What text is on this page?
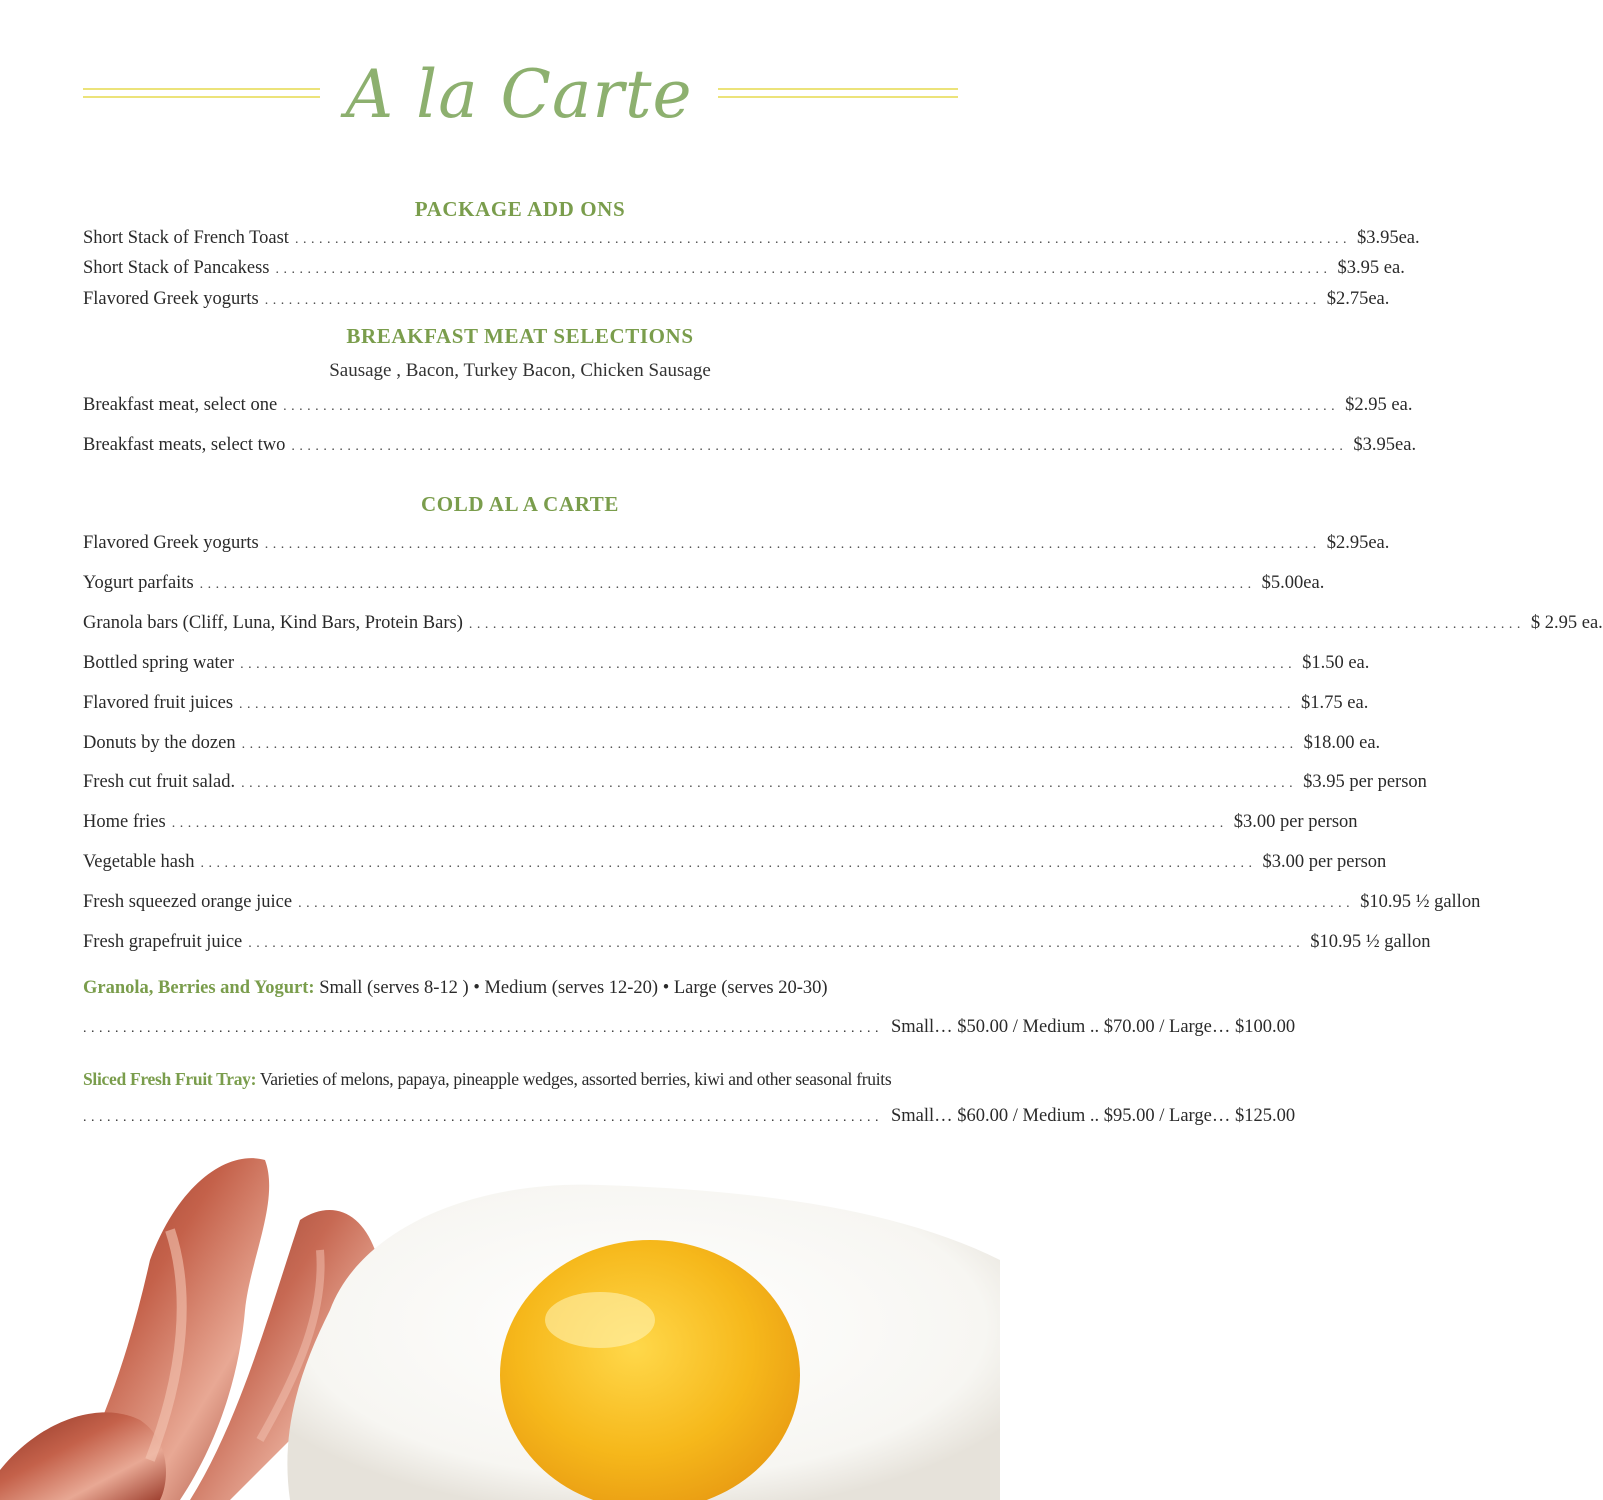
A la Carte
PACKAGE ADD ONS
Short Stack of French Toast .................................................................................................................................... $3.95ea.
Short Stack of Pancakess .................................................................................................................................... $3.95 ea.
Flavored Greek yogurts .................................................................................................................................... $2.75ea.
BREAKFAST MEAT SELECTIONS
Sausage , Bacon, Turkey Bacon, Chicken Sausage
Breakfast meat, select one .................................................................................................................................... $2.95 ea.
Breakfast meats, select two .................................................................................................................................... $3.95ea.
COLD AL A CARTE
Flavored Greek yogurts .................................................................................................................................... $2.95ea.
Yogurt parfaits .................................................................................................................................... $5.00ea.
Granola bars (Cliff, Luna, Kind Bars, Protein Bars) .................................................................................................................................... $ 2.95 ea.
Bottled spring water .................................................................................................................................... $1.50 ea.
Flavored fruit juices .................................................................................................................................... $1.75 ea.
Donuts by the dozen .................................................................................................................................... $18.00 ea.
Fresh cut fruit salad. .................................................................................................................................... $3.95 per person
Home fries .................................................................................................................................... $3.00 per person
Vegetable hash .................................................................................................................................... $3.00 per person
Fresh squeezed orange juice .................................................................................................................................... $10.95 ½ gallon
Fresh grapefruit juice .................................................................................................................................... $10.95 ½ gallon
Granola, Berries and Yogurt: Small (serves 8-12 ) • Medium (serves 12-20) • Large (serves 20-30)
.................................................................................................... Small… $50.00 / Medium .. $70.00 / Large… $100.00
Sliced Fresh Fruit Tray: Varieties of melons, papaya, pineapple wedges, assorted berries, kiwi and other seasonal fruits
.................................................................................................... Small… $60.00 / Medium .. $95.00 / Large… $125.00
